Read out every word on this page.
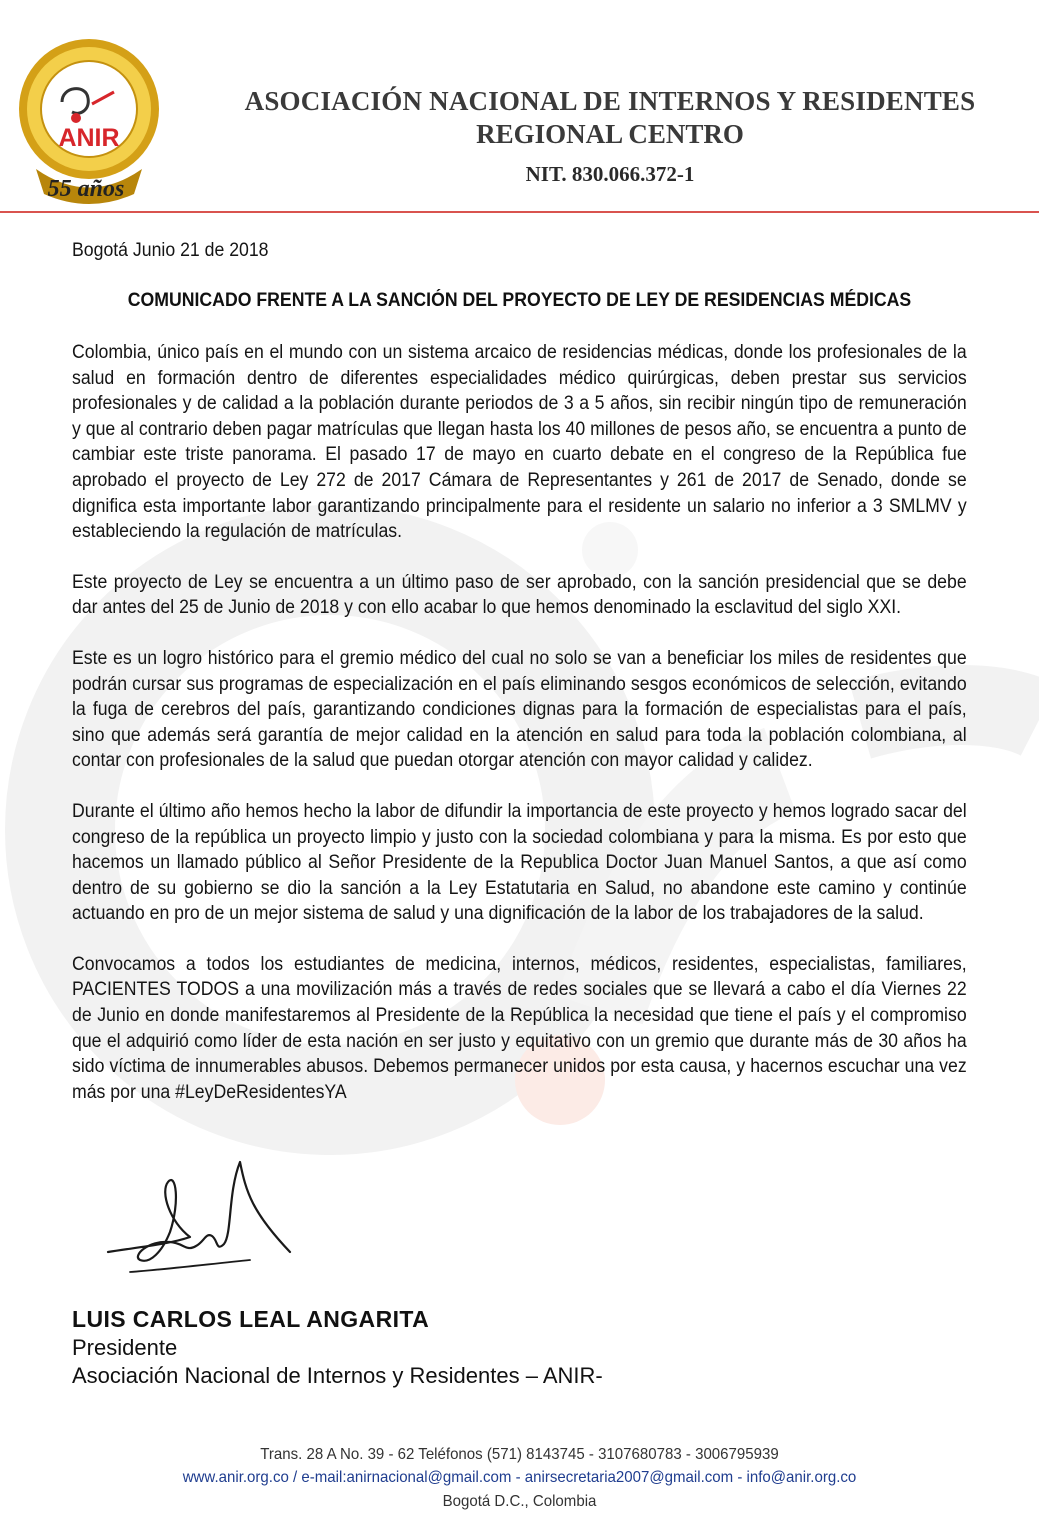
ANIR
55 años
ASOCIACIÓN NACIONAL DE INTERNOS Y RESIDENTES
REGIONAL CENTRO
NIT. 830.066.372-1
Bogotá Junio 21 de 2018
COMUNICADO FRENTE A LA SANCIÓN DEL PROYECTO DE LEY DE RESIDENCIAS MÉDICAS

Colombia, único país en el mundo con un sistema arcaico de residencias médicas, donde los profesionales de la salud en formación dentro de diferentes especialidades médico quirúrgicas, deben prestar sus servicios profesionales y de calidad a la población durante periodos de 3 a 5 años, sin recibir ningún tipo de remuneración y que al contrario deben pagar matrículas que llegan hasta los 40 millones de pesos año, se encuentra a punto de cambiar este triste panorama. El pasado 17 de mayo en cuarto debate en el congreso de la República fue aprobado el proyecto de Ley 272 de 2017 Cámara de Representantes y 261 de 2017 de Senado, donde se dignifica esta importante labor garantizando principalmente para el residente un salario no inferior a 3 SMLMV y estableciendo la regulación de matrículas.

Este proyecto de Ley se encuentra a un último paso de ser aprobado, con la sanción presidencial que se debe dar antes del 25 de Junio de 2018 y con ello acabar lo que hemos denominado la esclavitud del siglo XXI.

Este es un logro histórico para el gremio médico del cual no solo se van a beneficiar los miles de residentes que podrán cursar sus programas de especialización en el país eliminando sesgos económicos de selección, evitando la fuga de cerebros del país, garantizando condiciones dignas para la formación de especialistas para el país, sino que además será garantía de mejor calidad en la atención en salud para toda la población colombiana, al contar con profesionales de la salud que puedan otorgar atención con mayor calidad y calidez.

Durante el último año hemos hecho la labor de difundir la importancia de este proyecto y hemos logrado sacar del congreso de la república un proyecto limpio y justo con la sociedad colombiana y para la misma. Es por esto que hacemos un llamado público al Señor Presidente de la Republica Doctor Juan Manuel Santos, a que así como dentro de su gobierno se dio la sanción a la Ley Estatutaria en Salud, no abandone este camino y continúe actuando en pro de un mejor sistema de salud y una dignificación de la labor de los trabajadores de la salud.

Convocamos a todos los estudiantes de medicina, internos, médicos, residentes, especialistas, familiares, PACIENTES TODOS a una movilización más a través de redes sociales que se llevará a cabo el día Viernes 22 de Junio en donde manifestaremos al Presidente de la República la necesidad que tiene el país y el compromiso que el adquirió como líder de esta nación en ser justo y equitativo con un gremio que durante más de 30 años ha sido víctima de innumerables abusos. Debemos permanecer unidos por esta causa, y hacernos escuchar una vez más por una #LeyDeResidentesYA

LUIS CARLOS LEAL ANGARITA
Presidente
Asociación Nacional de Internos y Residentes – ANIR-
Trans. 28 A No. 39 - 62 Teléfonos (571) 8143745 - 3107680783 - 3006795939
www.anir.org.co / e-mail:anirnacional@gmail.com - anirsecretaria2007@gmail.com - info@anir.org.co
Bogotá D.C., Colombia
